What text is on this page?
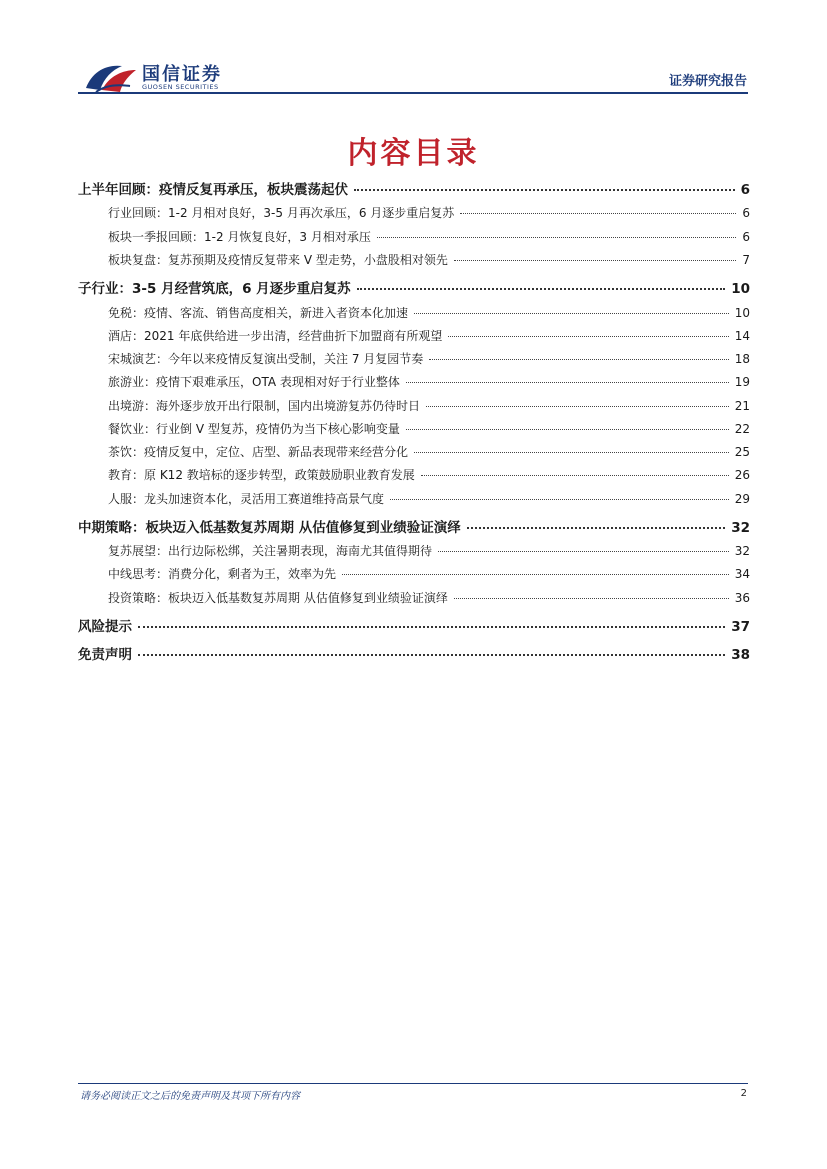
国信证券
GUOSEN SECURITIES	证券研究报告
内容目录
上半年回顾：疫情反复再承压，板块震荡起伏	6
行业回顾：1-2 月相对良好，3-5 月再次承压，6 月逐步重启复苏	6
板块一季报回顾：1-2 月恢复良好，3 月相对承压	6
板块复盘：复苏预期及疫情反复带来 V 型走势，小盘股相对领先	7
子行业：3-5 月经营筑底，6 月逐步重启复苏	10
免税：疫情、客流、销售高度相关，新进入者资本化加速	10
酒店：2021 年底供给进一步出清，经营曲折下加盟商有所观望	14
宋城演艺：今年以来疫情反复演出受制，关注 7 月复园节奏	18
旅游业：疫情下艰难承压，OTA 表现相对好于行业整体	19
出境游：海外逐步放开出行限制，国内出境游复苏仍待时日	21
餐饮业：行业倒 V 型复苏，疫情仍为当下核心影响变量	22
茶饮：疫情反复中，定位、店型、新品表现带来经营分化	25
教育：原 K12 教培标的逐步转型，政策鼓励职业教育发展	26
人服：龙头加速资本化，灵活用工赛道维持高景气度	29
中期策略：板块迈入低基数复苏周期 从估值修复到业绩验证演绎	32
复苏展望：出行边际松绑，关注暑期表现，海南尤其值得期待	32
中线思考：消费分化，剩者为王，效率为先	34
投资策略：板块迈入低基数复苏周期 从估值修复到业绩验证演绎	36
风险提示	37
免责声明	38
请务必阅读正文之后的免责声明及其项下所有内容	2
